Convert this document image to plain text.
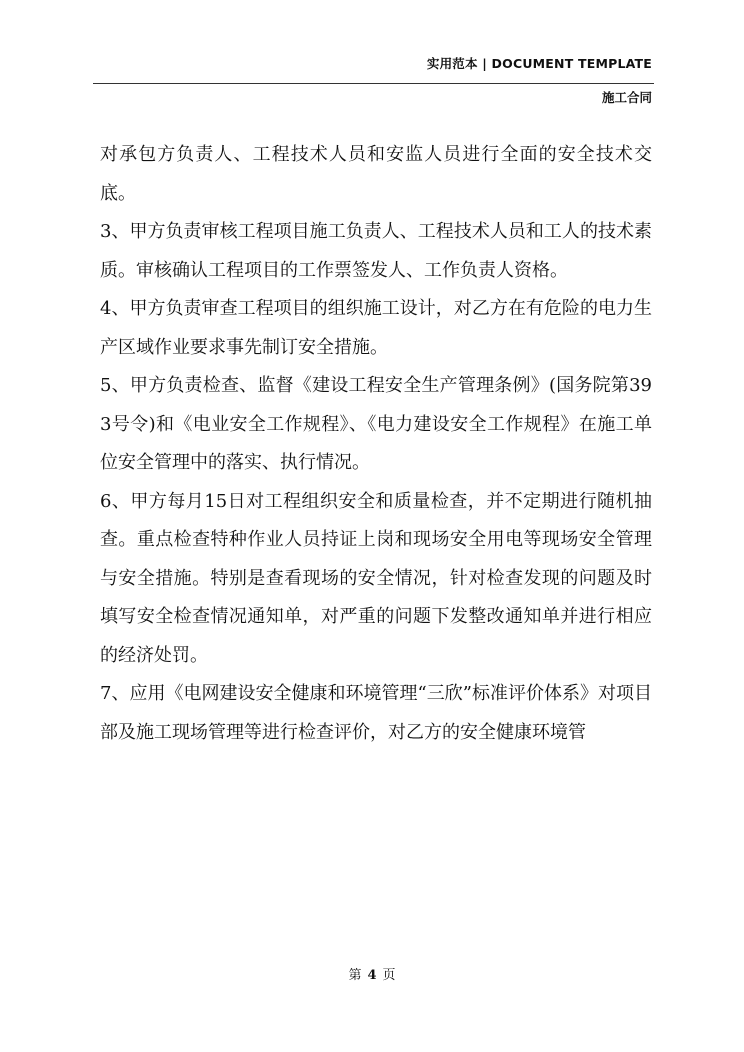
实用范本 | DOCUMENT TEMPLATE
施工合同

对承包方负责人、工程技术人员和安监人员进行全面的安全技术交底。

3、甲方负责审核工程项目施工负责人、工程技术人员和工人的技术素质。审核确认工程项目的工作票签发人、工作负责人资格。

4、甲方负责审查工程项目的组织施工设计，对乙方在有危险的电力生产区域作业要求事先制订安全措施。

5、甲方负责检查、监督《建设工程安全生产管理条例》(国务院第393号令)和《电业安全工作规程》、《电力建设安全工作规程》在施工单位安全管理中的落实、执行情况。

6、甲方每月15日对工程组织安全和质量检查，并不定期进行随机抽查。重点检查特种作业人员持证上岗和现场安全用电等现场安全管理与安全措施。特别是查看现场的安全情况，针对检查发现的问题及时填写安全检查情况通知单，对严重的问题下发整改通知单并进行相应的经济处罚。

7、应用《电网建设安全健康和环境管理“三欣”标准评价体系》对项目部及施工现场管理等进行检查评价，对乙方的安全健康环境管

第 4 页
